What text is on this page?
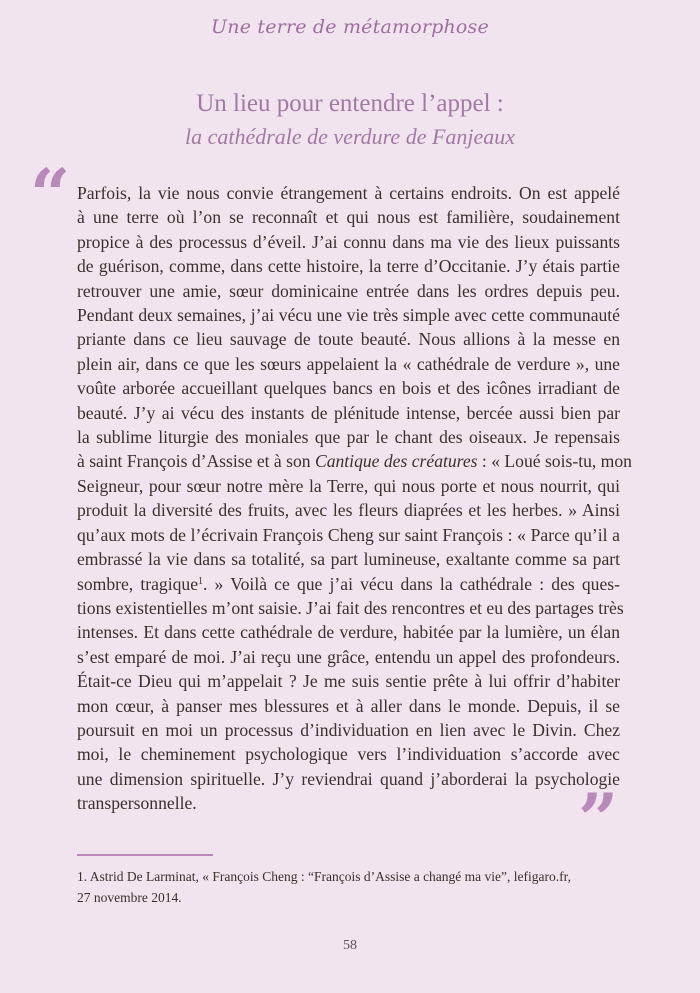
Une terre de métamorphose
Un lieu pour entendre l’appel :
la cathédrale de verdure de Fanjeaux
“ Parfois, la vie nous convie étrangement à certains endroits. On est appelé
à une terre où l’on se reconnaît et qui nous est familière, soudainement
propice à des processus d’éveil. J’ai connu dans ma vie des lieux puissants
de guérison, comme, dans cette histoire, la terre d’Occitanie. J’y étais partie
retrouver une amie, sœur dominicaine entrée dans les ordres depuis peu.
Pendant deux semaines, j’ai vécu une vie très simple avec cette communauté
priante dans ce lieu sauvage de toute beauté. Nous allions à la messe en
plein air, dans ce que les sœurs appelaient la « cathédrale de verdure », une
voûte arborée accueillant quelques bancs en bois et des icônes irradiant de
beauté. J’y ai vécu des instants de plénitude intense, bercée aussi bien par
la sublime liturgie des moniales que par le chant des oiseaux. Je repensais
à saint François d’Assise et à son Cantique des créatures : « Loué sois-tu, mon
Seigneur, pour sœur notre mère la Terre, qui nous porte et nous nourrit, qui
produit la diversité des fruits, avec les fleurs diaprées et les herbes. » Ainsi
qu’aux mots de l’écrivain François Cheng sur saint François : « Parce qu’il a
embrassé la vie dans sa totalité, sa part lumineuse, exaltante comme sa part
sombre, tragique$^1$. » Voilà ce que j’ai vécu dans la cathédrale : des ques-
tions existentielles m’ont saisie. J’ai fait des rencontres et eu des partages très
intenses. Et dans cette cathédrale de verdure, habitée par la lumière, un élan
s’est emparé de moi. J’ai reçu une grâce, entendu un appel des profondeurs.
Était-ce Dieu qui m’appelait ? Je me suis sentie prête à lui offrir d’habiter
mon cœur, à panser mes blessures et à aller dans le monde. Depuis, il se
poursuit en moi un processus d’individuation en lien avec le Divin. Chez
moi, le cheminement psychologique vers l’individuation s’accorde avec
une dimension spirituelle. J’y reviendrai quand j’aborderai la psychologie
transpersonnelle.	”
1. Astrid De Larminat, « François Cheng : “François d’Assise a changé ma vie”, lefigaro.fr,
27 novembre 2014.
58
